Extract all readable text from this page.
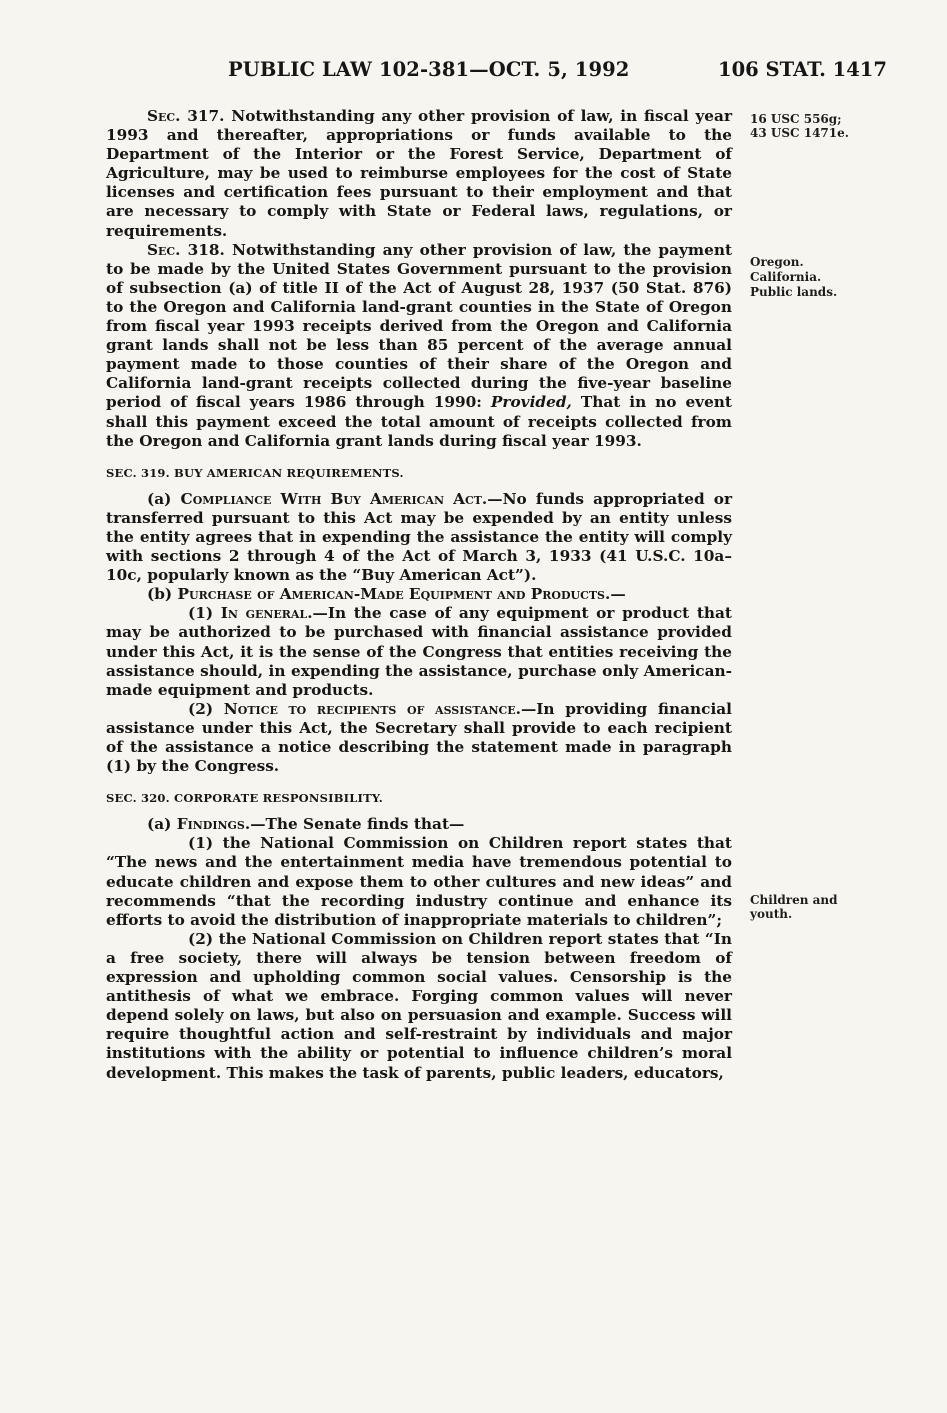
PUBLIC LAW 102-381—OCT. 5, 1992	106 STAT. 1417
16 USC 556g; 43 USC 1471e.
Oregon.
California.
Public lands.
Children and youth.

Sec. 317. Notwithstanding any other provision of law, in fiscal year 1993 and thereafter, appropriations or funds available to the Department of the Interior or the Forest Service, Department of Agriculture, may be used to reimburse employees for the cost of State licenses and certification fees pursuant to their employment and that are necessary to comply with State or Federal laws, regulations, or requirements.

Sec. 318. Notwithstanding any other provision of law, the payment to be made by the United States Government pursuant to the provision of subsection (a) of title II of the Act of August 28, 1937 (50 Stat. 876) to the Oregon and California land-grant counties in the State of Oregon from fiscal year 1993 receipts derived from the Oregon and California grant lands shall not be less than 85 percent of the average annual payment made to those counties of their share of the Oregon and California land-grant receipts collected during the five-year baseline period of fiscal years 1986 through 1990: Provided, That in no event shall this payment exceed the total amount of receipts collected from the Oregon and California grant lands during fiscal year 1993.

SEC. 319. BUY AMERICAN REQUIREMENTS.

(a) Compliance With Buy American Act.—No funds appropriated or transferred pursuant to this Act may be expended by an entity unless the entity agrees that in expending the assistance the entity will comply with sections 2 through 4 of the Act of March 3, 1933 (41 U.S.C. 10a–10c, popularly known as the “Buy American Act”).

(b) Purchase of American-Made Equipment and Products.—

(1) In general.—In the case of any equipment or product that may be authorized to be purchased with financial assistance provided under this Act, it is the sense of the Congress that entities receiving the assistance should, in expending the assistance, purchase only American-made equipment and products.

(2) Notice to recipients of assistance.—In providing financial assistance under this Act, the Secretary shall provide to each recipient of the assistance a notice describing the statement made in paragraph (1) by the Congress.

SEC. 320. CORPORATE RESPONSIBILITY.

(a) Findings.—The Senate finds that—

(1) the National Commission on Children report states that “The news and the entertainment media have tremendous potential to educate children and expose them to other cultures and new ideas” and recommends “that the recording industry continue and enhance its efforts to avoid the distribution of inappropriate materials to children”;

(2) the National Commission on Children report states that “In a free society, there will always be tension between freedom of expression and upholding common social values. Censorship is the antithesis of what we embrace. Forging common values will never depend solely on laws, but also on persuasion and example. Success will require thoughtful action and self-restraint by individuals and major institutions with the ability or potential to influence children’s moral development. This makes the task of parents, public leaders, educators,
